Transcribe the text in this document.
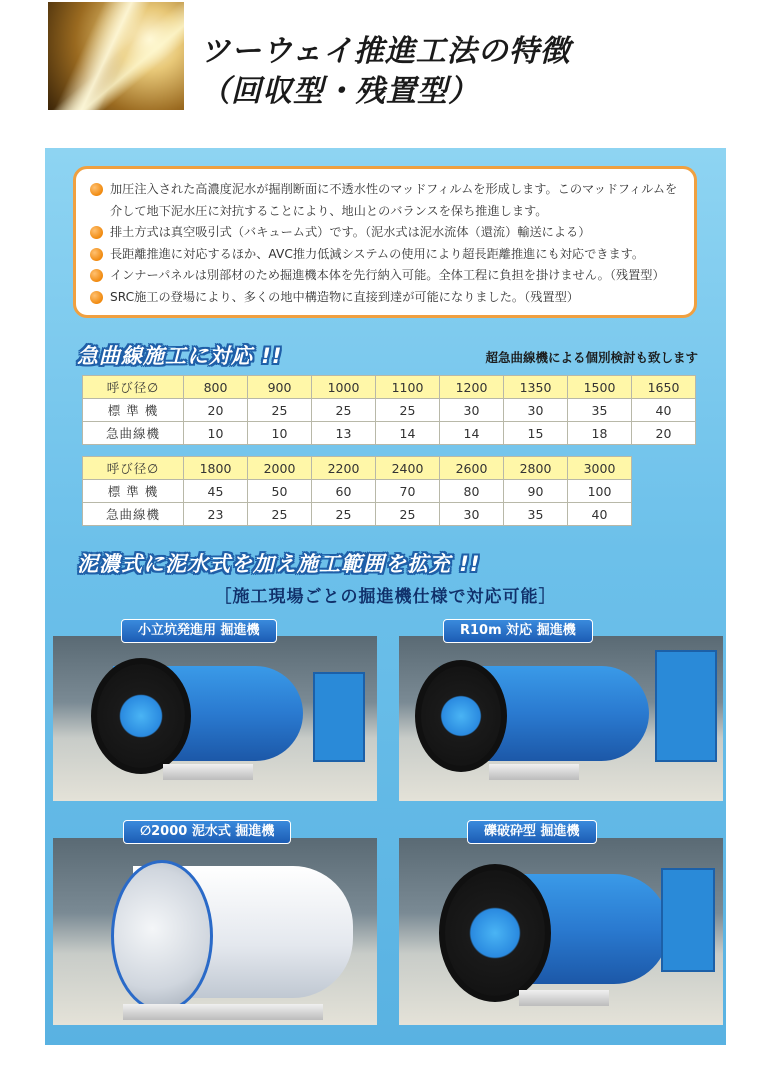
ツーウェイ推進工法の特徴
（回収型・残置型）
加圧注入された高濃度泥水が掘削断面に不透水性のマッドフィルムを形成します。このマッドフィルムを介して地下泥水圧に対抗することにより、地山とのバランスを保ち推進します。
排土方式は真空吸引式（バキューム式）です。（泥水式は泥水流体（還流）輸送による）
長距離推進に対応するほか、AVC推力低減システムの使用により超長距離推進にも対応できます。
インナーパネルは別部材のため掘進機本体を先行納入可能。全体工程に負担を掛けません。（残置型）
SRC施工の登場により、多くの地中構造物に直接到達が可能になりました。（残置型）
急曲線施工に対応 !!	超急曲線機による個別検討も致します
呼び径∅	800	900	1000	1100	1200	1350	1500	1650
標 準 機	20	25	25	25	30	30	35	40
急曲線機	10	10	13	14	14	15	18	20
呼び径∅	1800	2000	2200	2400	2600	2800	3000
標 準 機	45	50	60	70	80	90	100
急曲線機	23	25	25	25	30	35	40
泥濃式に泥水式を加え施工範囲を拡充 !!
［施工現場ごとの掘進機仕様で対応可能］
小立坑発進用 掘進機	R10m 対応 掘進機
∅2000 泥水式 掘進機	礫破砕型 掘進機
